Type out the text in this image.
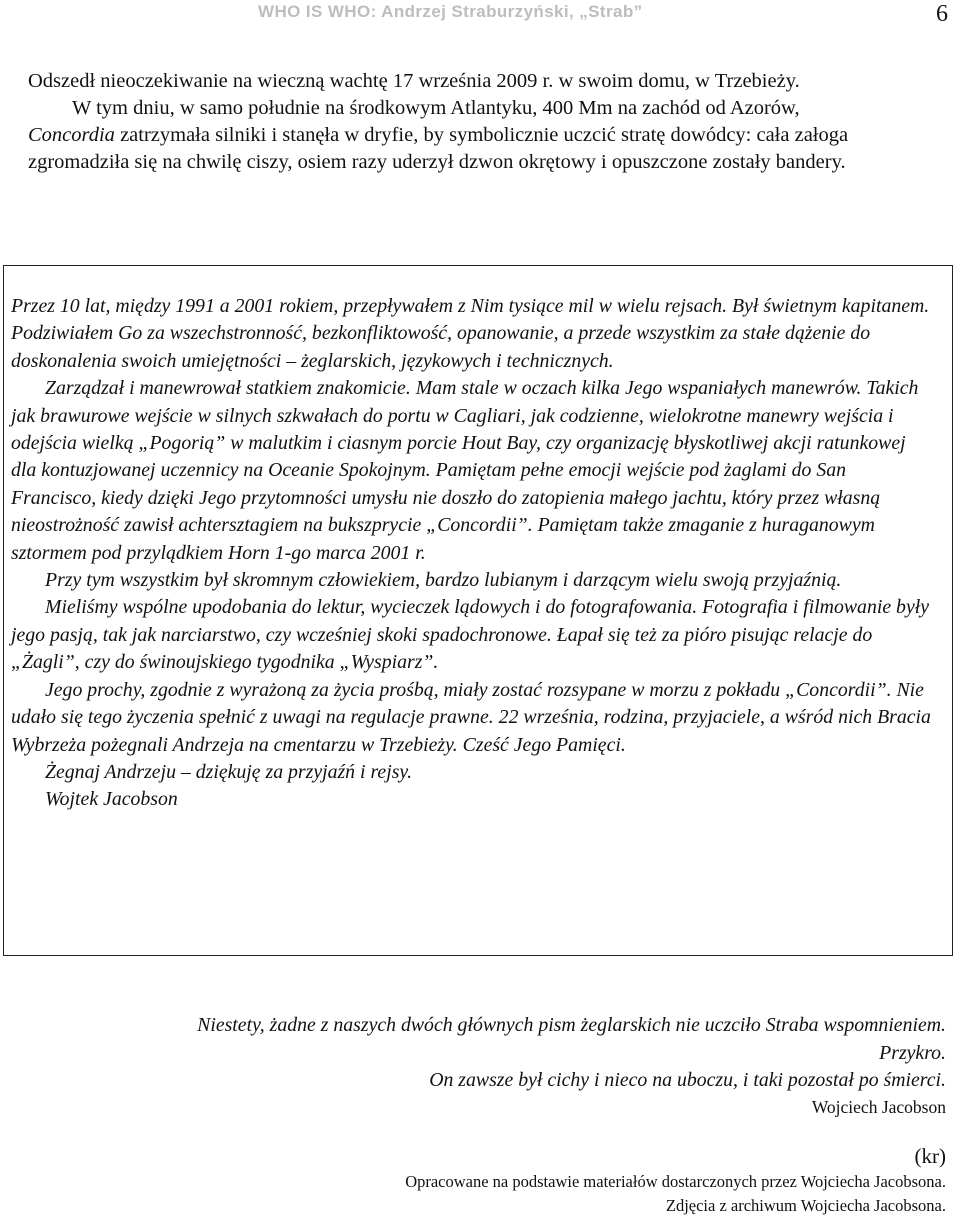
WHO IS WHO: Andrzej Straburzyński, „Strab”	6
Odszedł nieoczekiwanie na wieczną wachtę 17 września 2009 r. w swoim domu, w Trzebieży.
W tym dniu, w samo południe na środkowym Atlantyku, 400 Mm na zachód od Azorów,
Concordia zatrzymała silniki i stanęła w dryfie, by symbolicznie uczcić stratę dowódcy: cała załoga zgromadziła się na chwilę ciszy, osiem razy uderzył dzwon okrętowy i opuszczone zostały bandery.

Przez 10 lat, między 1991 a 2001 rokiem, przepływałem z Nim tysiące mil w wielu rejsach. Był świetnym kapitanem. Podziwiałem Go za wszechstronność, bezkonfliktowość, opanowanie, a przede wszystkim za stałe dążenie do doskonalenia swoich umiejętności – żeglarskich, językowych i technicznych.

Zarządzał i manewrował statkiem znakomicie. Mam stale w oczach kilka Jego wspaniałych manewrów. Takich jak brawurowe wejście w silnych szkwałach do portu w Cagliari, jak codzienne, wielokrotne manewry wejścia i odejścia wielką „Pogorią” w malutkim i ciasnym porcie Hout Bay, czy organizację błyskotliwej akcji ratunkowej dla kontuzjowanej uczennicy na Oceanie Spokojnym. Pamiętam pełne emocji wejście pod żaglami do San Francisco, kiedy dzięki Jego przytomności umysłu nie doszło do zatopienia małego jachtu, który przez własną nieostrożność zawisł achtersztagiem na bukszprycie „Concordii”. Pamiętam także zmaganie z huraganowym sztormem pod przylądkiem Horn 1-go marca 2001 r.

Przy tym wszystkim był skromnym człowiekiem, bardzo lubianym i darzącym wielu swoją przyjaźnią.

Mieliśmy wspólne upodobania do lektur, wycieczek lądowych i do fotografowania. Fotografia i filmowanie były jego pasją, tak jak narciarstwo, czy wcześniej skoki spadochronowe. Łapał się też za pióro pisując relacje do „Żagli”, czy do świnoujskiego tygodnika „Wyspiarz”.

Jego prochy, zgodnie z wyrażoną za życia prośbą, miały zostać rozsypane w morzu z pokładu „Concordii”. Nie udało się tego życzenia spełnić z uwagi na regulacje prawne. 22 września, rodzina, przyjaciele, a wśród nich Bracia Wybrzeża pożegnali Andrzeja na cmentarzu w Trzebieży. Cześć Jego Pamięci.

Żegnaj Andrzeju – dziękuję za przyjaźń i rejsy.

Wojtek Jacobson

Niestety, żadne z naszych dwóch głównych pism żeglarskich nie uczciło Straba wspomnieniem.
Przykro.
On zawsze był cichy i nieco na uboczu, i taki pozostał po śmierci.
Wojciech Jacobson
(kr)
Opracowane na podstawie materiałów dostarczonych przez Wojciecha Jacobsona.
Zdjęcia z archiwum Wojciecha Jacobsona.
